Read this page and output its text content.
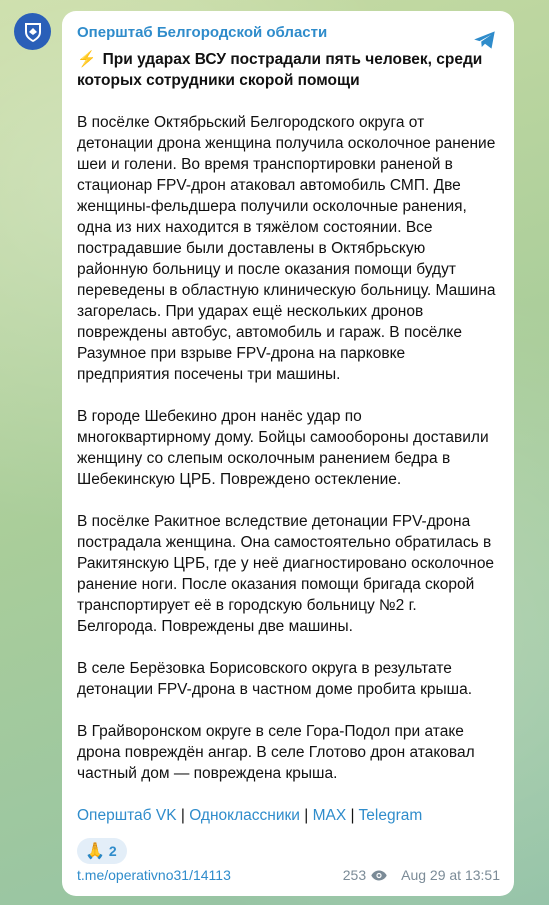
Оперштаб Белгородской области
⚡ При ударах ВСУ пострадали пять человек, среди которых сотрудники скорой помощи
В посёлке Октябрьский Белгородского округа от детонации дрона женщина получила осколочное ранение шеи и голени. Во время транспортировки раненой в стационар FPV-дрон атаковал автомобиль СМП. Две женщины-фельдшера получили осколочные ранения, одна из них находится в тяжёлом состоянии. Все пострадавшие были доставлены в Октябрьскую районную больницу и после оказания помощи будут переведены в областную клиническую больницу. Машина загорелась. При ударах ещё нескольких дронов повреждены автобус, автомобиль и гараж. В посёлке Разумное при взрыве FPV-дрона на парковке предприятия посечены три машины.
В городе Шебекино дрон нанёс удар по многоквартирному дому. Бойцы самообороны доставили женщину со слепым осколочным ранением бедра в Шебекинскую ЦРБ. Повреждено остекление.
В посёлке Ракитное вследствие детонации FPV-дрона пострадала женщина. Она самостоятельно обратилась в Ракитянскую ЦРБ, где у неё диагностировано осколочное ранение ноги. После оказания помощи бригада скорой транспортирует её в городскую больницу №2 г. Белгорода. Повреждены две машины.
В селе Берёзовка Борисовского округа в результате детонации FPV-дрона в частном доме пробита крыша.
В Грайворонском округе в селе Гора-Подол при атаке дрона повреждён ангар. В селе Глотово дрон атаковал частный дом — повреждена крыша.
Оперштаб VK | Одноклассники | MAX | Telegram
🙏 2
t.me/operativno31/14113	253	Aug 29 at 13:51
